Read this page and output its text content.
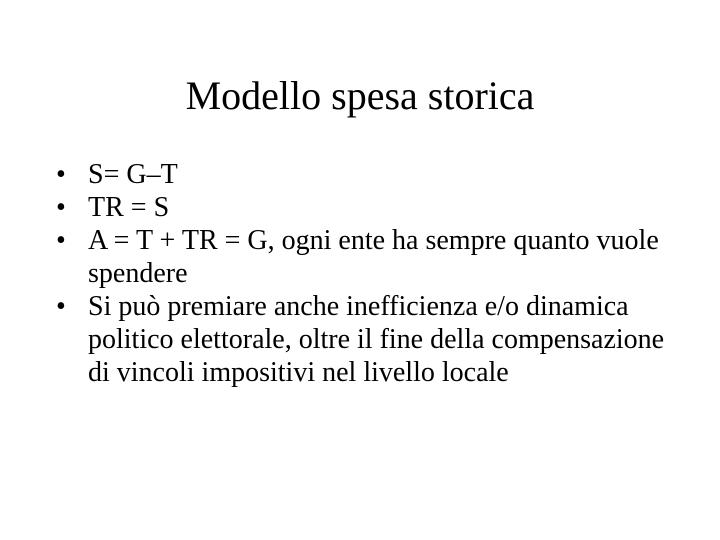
Modello spesa storica
• S= G–T
• TR = S
• A = T + TR = G, ogni ente ha sempre quanto vuole spendere
• Si può premiare anche inefficienza e/o dinamica politico elettorale, oltre il fine della compensazione di vincoli impositivi nel livello locale
